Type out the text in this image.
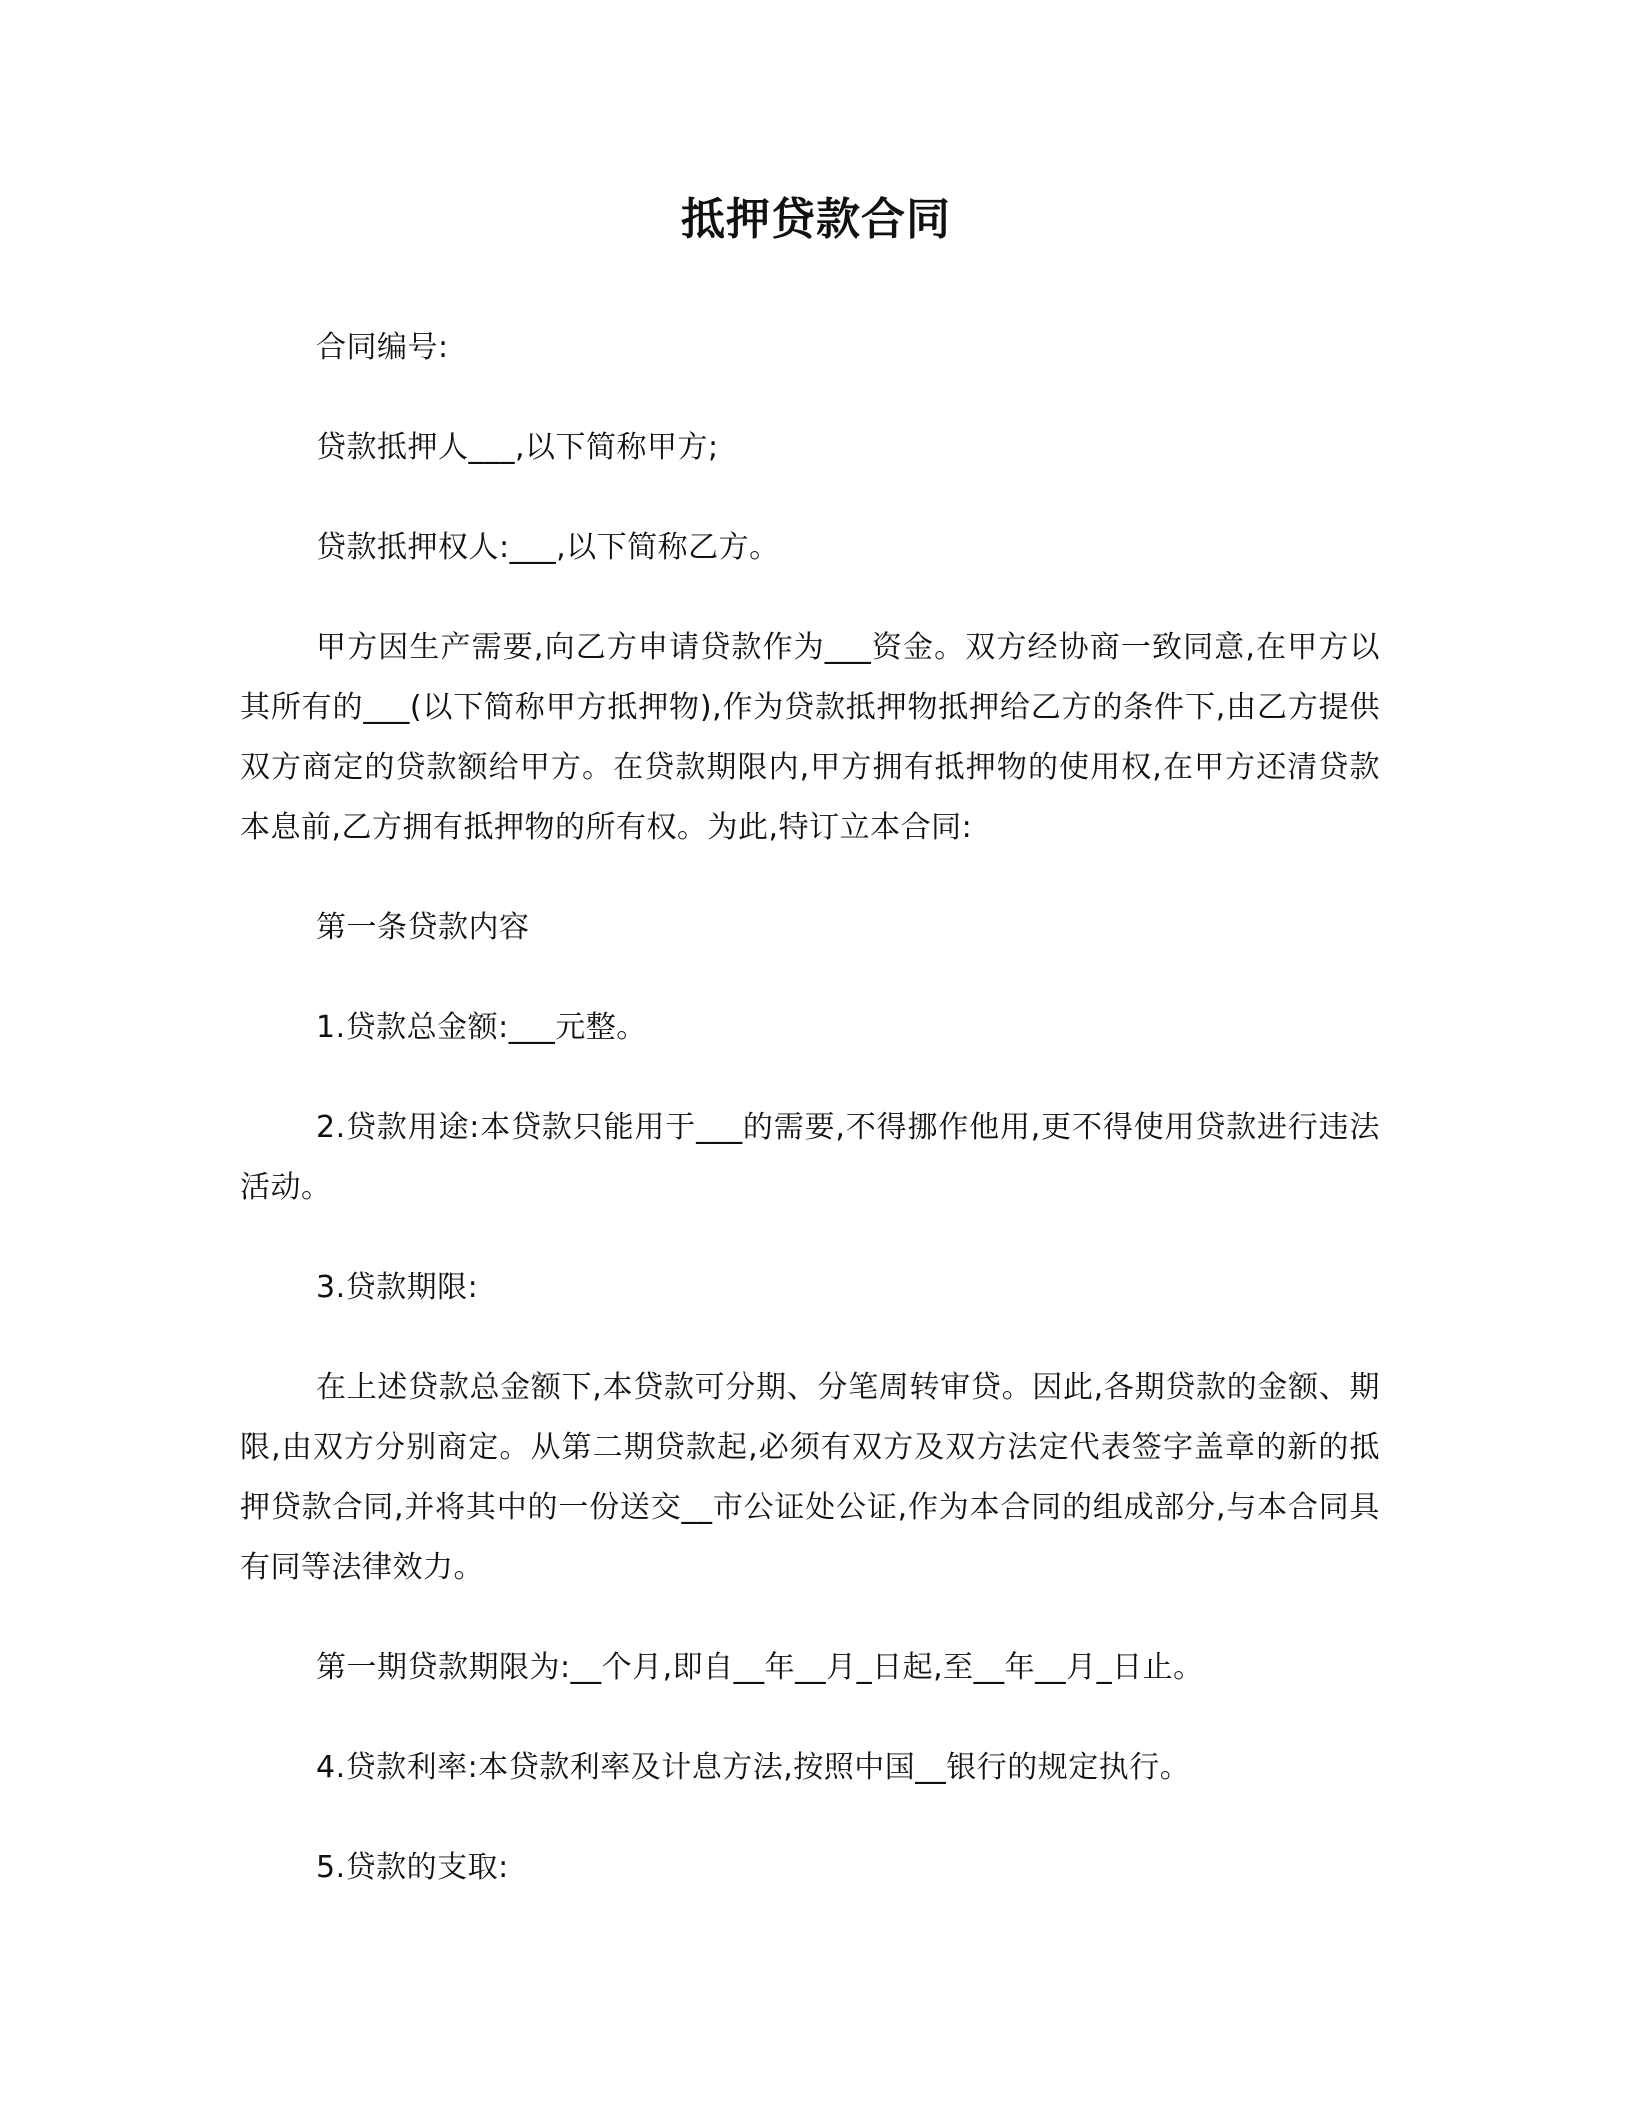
抵押贷款合同

合同编号:

贷款抵押人___,以下简称甲方;

贷款抵押权人:___,以下简称乙方。

甲方因生产需要,向乙方申请贷款作为___资金。双方经协商一致同意,在甲方以其所有的___(以下简称甲方抵押物),作为贷款抵押物抵押给乙方的条件下,由乙方提供双方商定的贷款额给甲方。在贷款期限内,甲方拥有抵押物的使用权,在甲方还清贷款本息前,乙方拥有抵押物的所有权。为此,特订立本合同:

第一条贷款内容

1.贷款总金额:___元整。

2.贷款用途:本贷款只能用于___的需要,不得挪作他用,更不得使用贷款进行违法活动。

3.贷款期限:

在上述贷款总金额下,本贷款可分期、分笔周转审贷。因此,各期贷款的金额、期限,由双方分别商定。从第二期贷款起,必须有双方及双方法定代表签字盖章的新的抵押贷款合同,并将其中的一份送交__市公证处公证,作为本合同的组成部分,与本合同具有同等法律效力。

第一期贷款期限为:__个月,即自__年__月_日起,至__年__月_日止。

4.贷款利率:本贷款利率及计息方法,按照中国__银行的规定执行。

5.贷款的支取:
